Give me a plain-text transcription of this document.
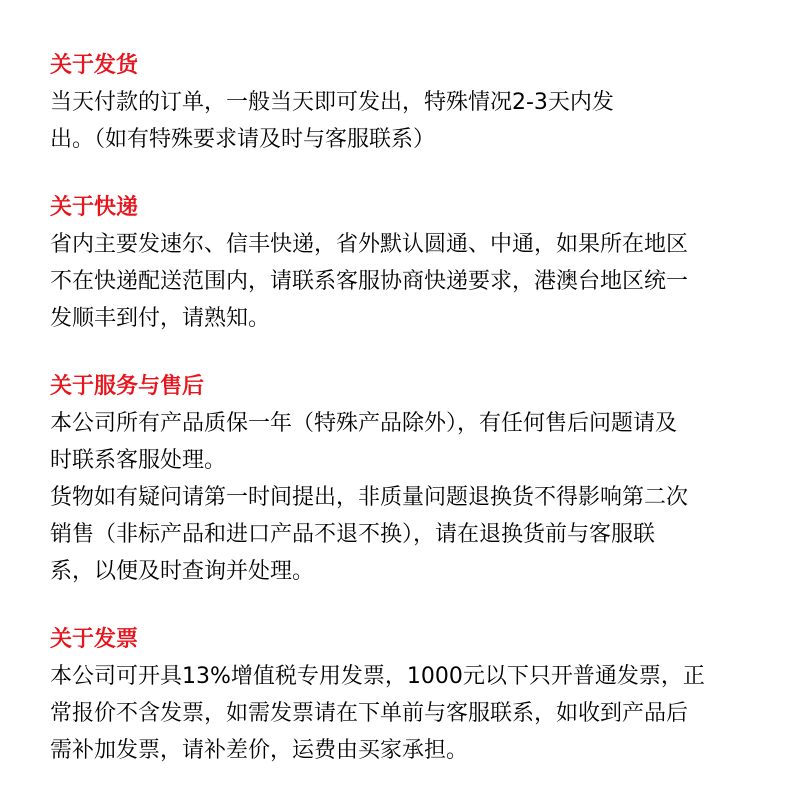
关于发货

当天付款的订单，一般当天即可发出，特殊情况2-3天内发

出。（如有特殊要求请及时与客服联系）

关于快递

省内主要发速尔、信丰快递，省外默认圆通、中通，如果所在地区

不在快递配送范围内，请联系客服协商快递要求，港澳台地区统一

发顺丰到付，请熟知。

关于服务与售后

本公司所有产品质保一年（特殊产品除外），有任何售后问题请及

时联系客服处理。

货物如有疑问请第一时间提出，非质量问题退换货不得影响第二次

销售（非标产品和进口产品不退不换），请在退换货前与客服联

系，以便及时查询并处理。

关于发票

本公司可开具13%增值税专用发票，1000元以下只开普通发票，正

常报价不含发票，如需发票请在下单前与客服联系，如收到产品后

需补加发票，请补差价，运费由买家承担。
